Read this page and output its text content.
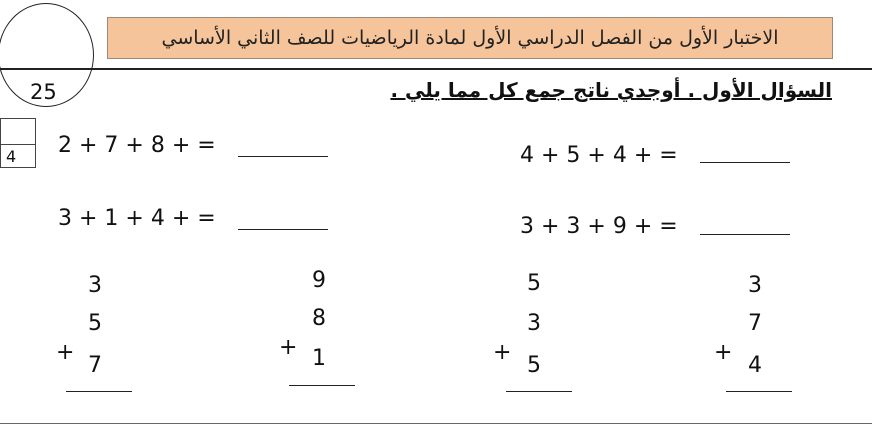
الاختبار الأول من الفصل الدراسي الأول لمادة الرياضيات للصف الثاني الأساسي
25	السؤال الأول . أوجدي ناتج جمع كل مما يلي .
4 2 + 7 + 8 + =
3 + 1 + 4 + =
4 + 5 + 4 + =
3 + 3 + 9 + =
3
5
+
7
9
8
+ 1
5
3
+
5
3
7
+
4
